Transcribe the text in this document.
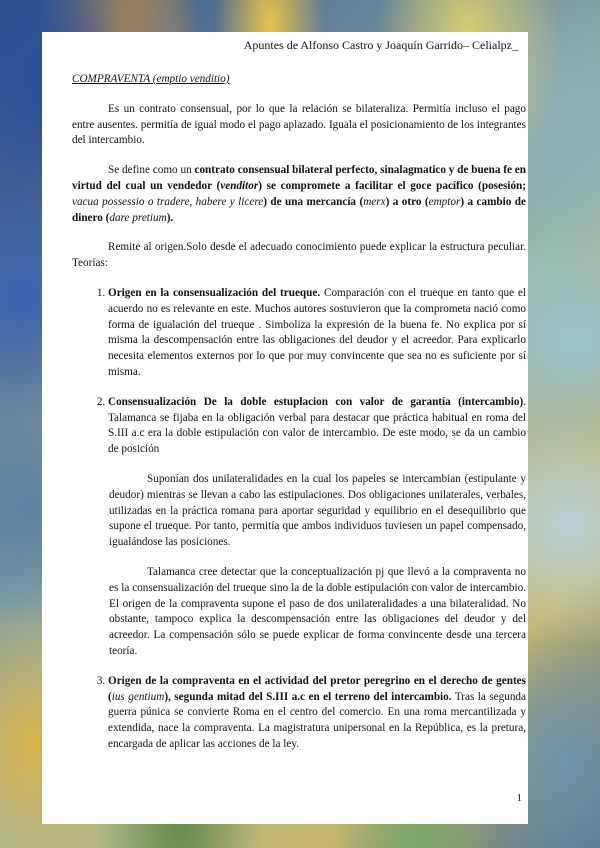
Apuntes de Alfonso Castro y Joaquín Garrido– Celialpz_

COMPRAVENTA (emptio venditio)

Es un contrato consensual, por lo que la relación se bilateraliza. Permitía incluso el pago entre ausentes. permitía de igual modo el pago aplazado. Iguala el posicionamiento de los integrantes del intercambio.

Se define como un contrato consensual bilateral perfecto, sinalagmatico y de buena fe en virtud del cual un vendedor (venditor) se compromete a facilitar el goce pacífico (posesión; vacua possessio o tradere, habere y licere) de una mercancía (merx) a otro (emptor) a cambio de dinero (dare pretium).

Remite al origen.Solo desde el adecuado conocimiento puede explicar la estructura peculiar. Teorías:

1. Origen en la consensualización del trueque. Comparación con el trueque en tanto que el acuerdo no es relevante en este. Muchos autores sostuvieron que la comprometa nació como forma de igualación del trueque . Simboliza la expresión de la buena fe. No explica por sí misma la descompensación entre las obligaciones del deudor y el acreedor. Para explicarlo necesita elementos externos por lo que por muy convincente que sea no es suficiente por sí misma.
2. Consensualización De la doble estuplacion con valor de garantía (intercambio). Talamanca se fijaba en la obligación verbal para destacar que práctica habitual en roma del S.III a.c era la doble estipulación con valor de intercambio. De este modo, se da un cambio de posición

Suponían dos unilateralidades en la cual los papeles se intercambian (estipulante y deudor) mientras se llevan a cabo las estipulaciones. Dos obligaciones unilaterales, verbales, utilizadas en la práctica romana para aportar seguridad y equilibrio en el desequilibrio que supone el trueque. Por tanto, permitía que ambos individuos tuviesen un papel compensado, igualándose las posiciones.

Talamanca cree detectar que la conceptualización pj que llevó a la compraventa no es la consensualización del trueque sino la de la doble estipulación con valor de intercambio. El origen de la compraventa supone el paso de dos unilateralidades a una bilateralidad. No obstante, tampoco explica la descompensación entre las obligaciones del deudor y del acreedor. La compensación sólo se puede explicar de forma convincente desde una tercera teoría.

3. Origen de la compraventa en el actividad del pretor peregrino en el derecho de gentes (ius gentium), segunda mitad del S.III a.c en el terreno del intercambio. Tras la segunda guerra púnica se convierte Roma en el centro del comercio. En una roma mercantilizada y extendida, nace la compraventa. La magistratura unipersonal en la República, es la pretura, encargada de aplicar las acciones de la ley.
1
